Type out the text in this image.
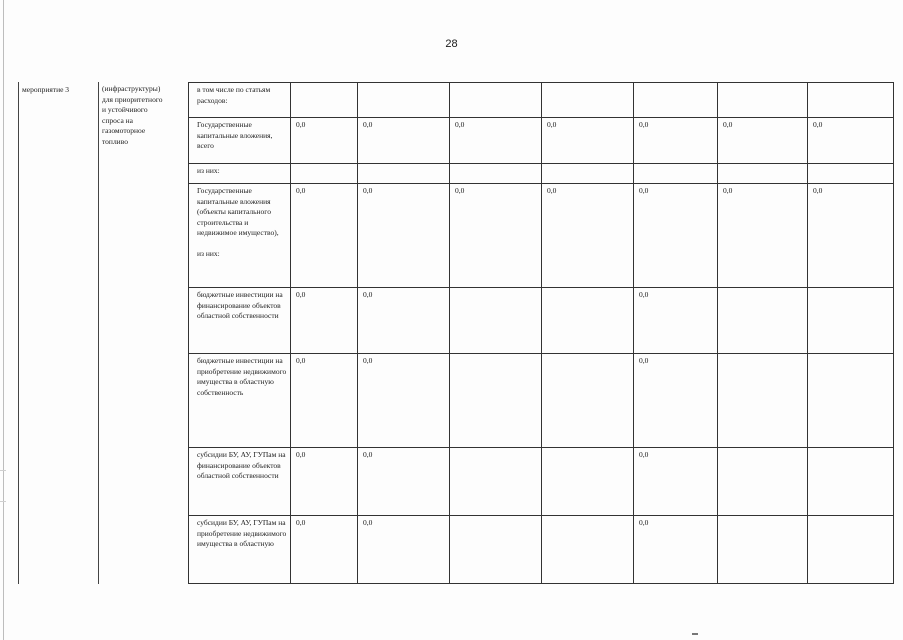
28
мероприятие 3	(инфраструктуры)
для приоритетного
и устойчивого
спроса на
газомоторное
топливо
в том числе по статьям расходов:							
Государственные капитальные вложения, всего	0,0	0,0	0,0	0,0	0,0	0,0	0,0
из них:							
Государственные капитальные вложения (объекты капитального строительства и недвижимое имущество),
из них:	0,0	0,0	0,0	0,0	0,0	0,0	0,0
бюджетные инвестиции на финансирование объектов областной собственности	0,0	0,0			0,0		
бюджетные инвестиции на приобретение недвижимого имущества в областную собственность	0,0	0,0			0,0		
субсидии БУ, АУ, ГУПам на финансирование объектов областной собственности	0,0	0,0			0,0		
субсидии БУ, АУ, ГУПам на приобретение недвижимого имущества в областную	0,0	0,0			0,0		
